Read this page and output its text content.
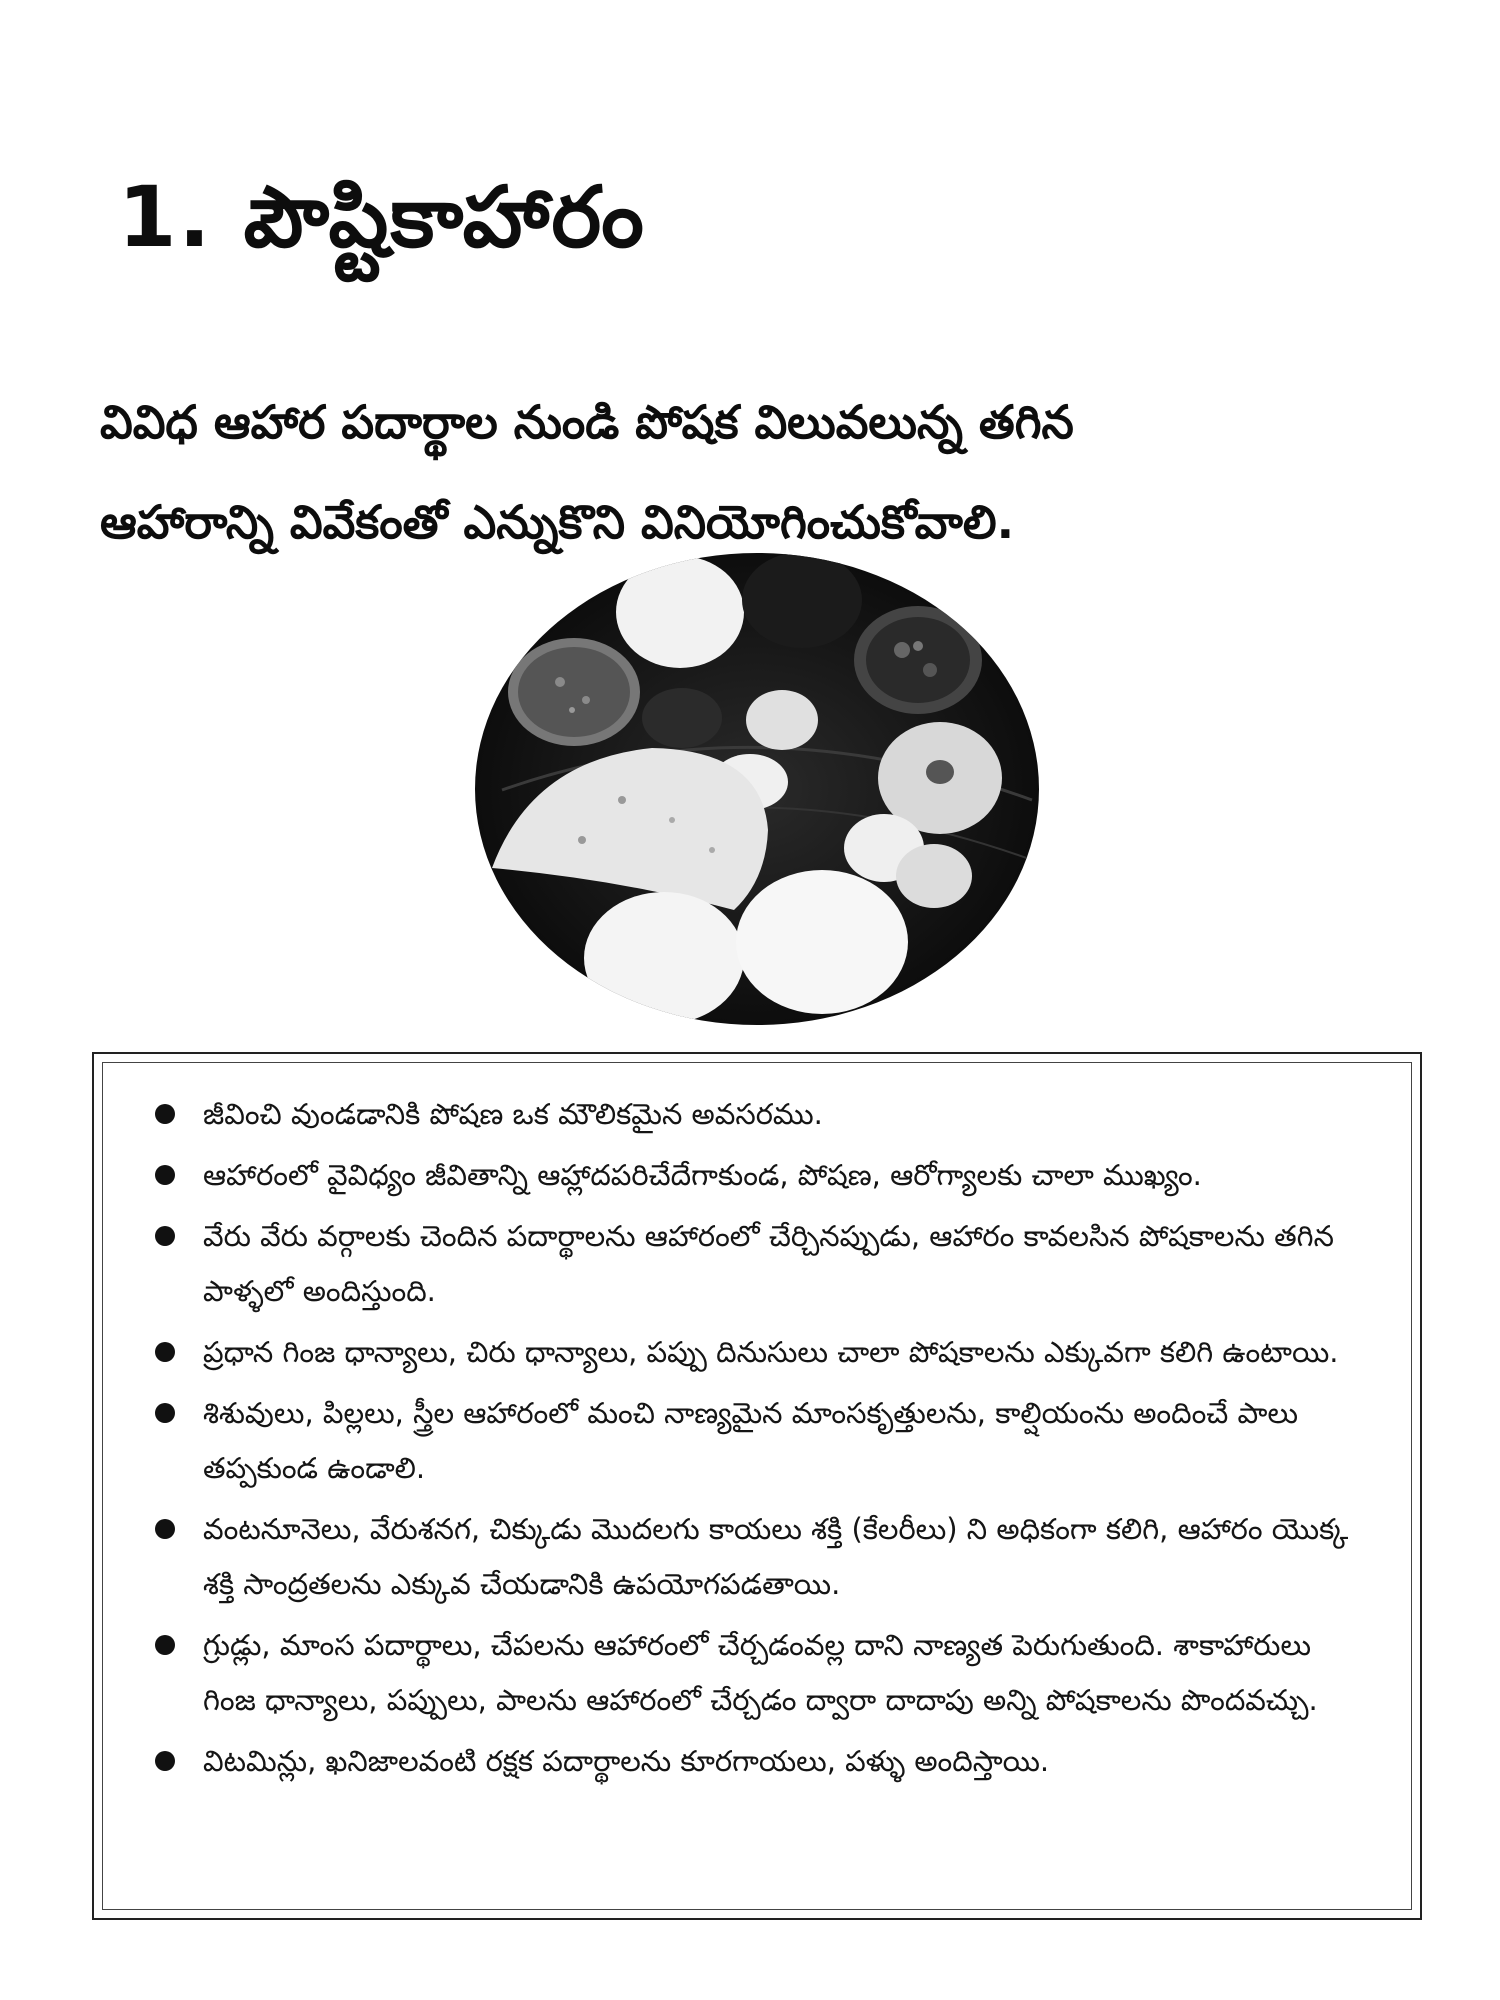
1. పౌష్టికాహారం

వివిధ ఆహార పదార్థాల నుండి పోషక విలువలున్న తగిన
ఆహారాన్ని వివేకంతో ఎన్నుకొని వినియోగించుకోవాలి.

జీవించి వుండడానికి పోషణ ఒక మౌలికమైన అవసరము.
ఆహారంలో వైవిధ్యం జీవితాన్ని ఆహ్లాదపరిచేదేగాకుండ, పోషణ, ఆరోగ్యాలకు చాలా ముఖ్యం.
వేరు వేరు వర్గాలకు చెందిన పదార్థాలను ఆహారంలో చేర్చినప్పుడు, ఆహారం కావలసిన పోషకాలను తగిన పాళ్ళలో అందిస్తుంది.
ప్రధాన గింజ ధాన్యాలు, చిరు ధాన్యాలు, పప్పు దినుసులు చాలా పోషకాలను ఎక్కువగా కలిగి ఉంటాయి.
శిశువులు, పిల్లలు, స్త్రీల ఆహారంలో మంచి నాణ్యమైన మాంసకృత్తులను, కాల్షియంను అందించే పాలు తప్పకుండ ఉండాలి.
వంటనూనెలు, వేరుశనగ, చిక్కుడు మొదలగు కాయలు శక్తి (కేలరీలు) ని అధికంగా కలిగి, ఆహారం యొక్క శక్తి సాంద్రతలను ఎక్కువ చేయడానికి ఉపయోగపడతాయి.
గ్రుడ్లు, మాంస పదార్థాలు, చేపలను ఆహారంలో చేర్చడంవల్ల దాని నాణ్యత పెరుగుతుంది. శాకాహారులు గింజ ధాన్యాలు, పప్పులు, పాలను ఆహారంలో చేర్చడం ద్వారా దాదాపు అన్ని పోషకాలను పొందవచ్చు.
విటమిన్లు, ఖనిజాలవంటి రక్షక పదార్థాలను కూరగాయలు, పళ్ళు అందిస్తాయి.
